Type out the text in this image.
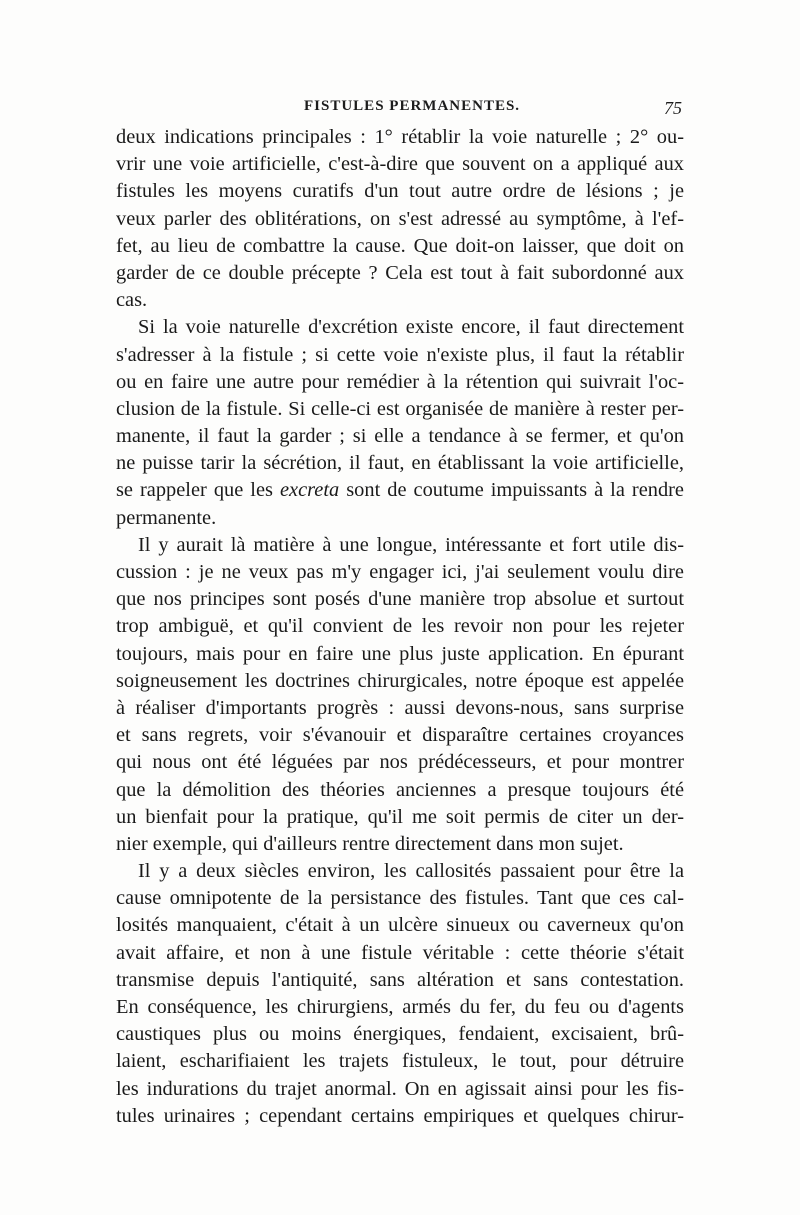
FISTULES PERMANENTES.	75
deux indications principales : 1° rétablir la voie naturelle ; 2° ou-
vrir une voie artificielle, c'est-à-dire que souvent on a appliqué aux
fistules les moyens curatifs d'un tout autre ordre de lésions ; je
veux parler des oblitérations, on s'est adressé au symptôme, à l'ef-
fet, au lieu de combattre la cause. Que doit-on laisser, que doit on
garder de ce double précepte ? Cela est tout à fait subordonné aux
cas.
Si la voie naturelle d'excrétion existe encore, il faut directement
s'adresser à la fistule ; si cette voie n'existe plus, il faut la rétablir
ou en faire une autre pour remédier à la rétention qui suivrait l'oc-
clusion de la fistule. Si celle-ci est organisée de manière à rester per-
manente, il faut la garder ; si elle a tendance à se fermer, et qu'on
ne puisse tarir la sécrétion, il faut, en établissant la voie artificielle,
se rappeler que les excreta sont de coutume impuissants à la rendre
permanente.
Il y aurait là matière à une longue, intéressante et fort utile dis-
cussion : je ne veux pas m'y engager ici, j'ai seulement voulu dire
que nos principes sont posés d'une manière trop absolue et surtout
trop ambiguë, et qu'il convient de les revoir non pour les rejeter
toujours, mais pour en faire une plus juste application. En épurant
soigneusement les doctrines chirurgicales, notre époque est appelée
à réaliser d'importants progrès : aussi devons-nous, sans surprise
et sans regrets, voir s'évanouir et disparaître certaines croyances
qui nous ont été léguées par nos prédécesseurs, et pour montrer
que la démolition des théories anciennes a presque toujours été
un bienfait pour la pratique, qu'il me soit permis de citer un der-
nier exemple, qui d'ailleurs rentre directement dans mon sujet.
Il y a deux siècles environ, les callosités passaient pour être la
cause omnipotente de la persistance des fistules. Tant que ces cal-
losités manquaient, c'était à un ulcère sinueux ou caverneux qu'on
avait affaire, et non à une fistule véritable : cette théorie s'était
transmise depuis l'antiquité, sans altération et sans contestation.
En conséquence, les chirurgiens, armés du fer, du feu ou d'agents
caustiques plus ou moins énergiques, fendaient, excisaient, brû-
laient, escharifiaient les trajets fistuleux, le tout, pour détruire
les indurations du trajet anormal. On en agissait ainsi pour les fis-
tules urinaires ; cependant certains empiriques et quelques chirur-
